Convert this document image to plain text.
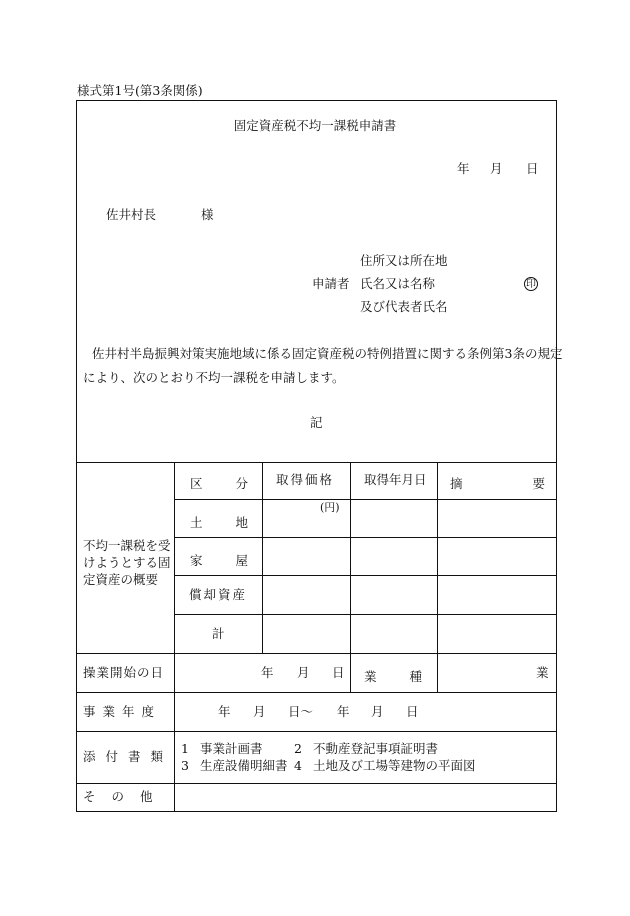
様式第1号(第3条関係)
固定資産税不均一課税申請書
年 月 日
佐井村長	様
住所又は所在地
申請者 氏名又は名称	印
及び代表者氏名
佐井村半島振興対策実施地域に係る固定資産税の特例措置に関する条例第3条の規定
により、次のとおり不均一課税を申請します。
記
不均一課税を受
けようとする固
定資産の概要
区	分 取得価格 取得年月日 摘	要
(円)
土	地
家	屋
償却資産
計
操業開始の日	年 月 日 業	種	業
事業年度	年 月 日〜 年 月 日
添付書類
1 事業計画書	2 不動産登記事項証明書
3 生産設備明細書 4 土地及び工場等建物の平面図
その他
